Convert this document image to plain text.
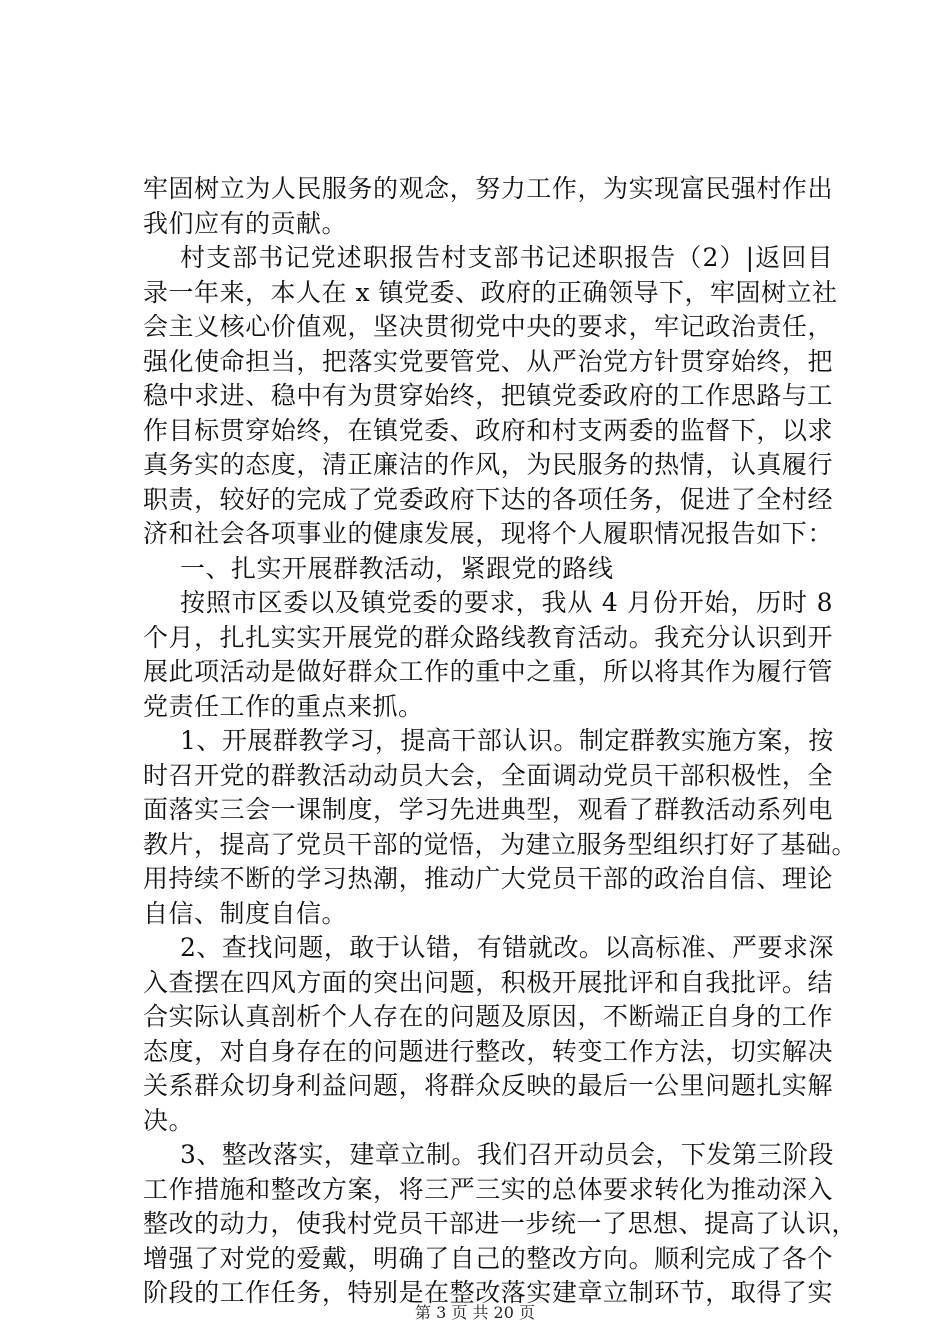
牢固树立为人民服务的观念，努力工作，为实现富民强村作出
我们应有的贡献。
村支部书记党述职报告村支部书记述职报告（2）|返回目
录一年来，本人在 x 镇党委、政府的正确领导下，牢固树立社
会主义核心价值观，坚决贯彻党中央的要求，牢记政治责任，
强化使命担当，把落实党要管党、从严治党方针贯穿始终，把
稳中求进、稳中有为贯穿始终，把镇党委政府的工作思路与工
作目标贯穿始终，在镇党委、政府和村支两委的监督下，以求
真务实的态度，清正廉洁的作风，为民服务的热情，认真履行
职责，较好的完成了党委政府下达的各项任务，促进了全村经
济和社会各项事业的健康发展，现将个人履职情况报告如下：
一、扎实开展群教活动，紧跟党的路线
按照市区委以及镇党委的要求，我从 4 月份开始，历时 8
个月，扎扎实实开展党的群众路线教育活动。我充分认识到开
展此项活动是做好群众工作的重中之重，所以将其作为履行管
党责任工作的重点来抓。
1、开展群教学习，提高干部认识。制定群教实施方案，按
时召开党的群教活动动员大会，全面调动党员干部积极性，全
面落实三会一课制度，学习先进典型，观看了群教活动系列电
教片，提高了党员干部的觉悟，为建立服务型组织打好了基础。
用持续不断的学习热潮，推动广大党员干部的政治自信、理论
自信、制度自信。
2、查找问题，敢于认错，有错就改。以高标准、严要求深
入查摆在四风方面的突出问题，积极开展批评和自我批评。结
合实际认真剖析个人存在的问题及原因，不断端正自身的工作
态度，对自身存在的问题进行整改，转变工作方法，切实解决
关系群众切身利益问题，将群众反映的最后一公里问题扎实解
决。
3、整改落实，建章立制。我们召开动员会，下发第三阶段
工作措施和整改方案，将三严三实的总体要求转化为推动深入
整改的动力，使我村党员干部进一步统一了思想、提高了认识，
增强了对党的爱戴，明确了自己的整改方向。顺利完成了各个
阶段的工作任务，特别是在整改落实建章立制环节，取得了实
第 3 页 共 20 页
